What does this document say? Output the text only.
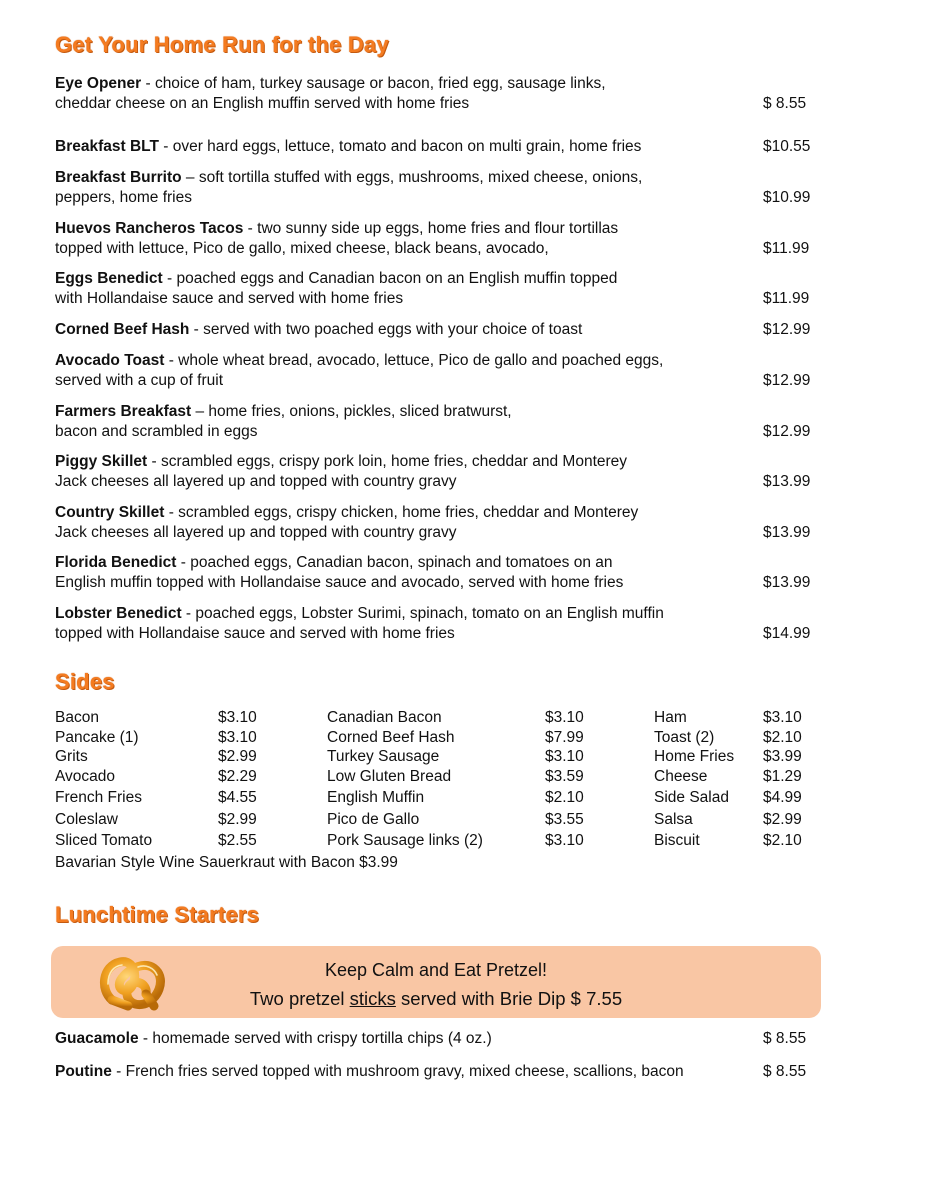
Get Your Home Run for the Day
Eye Opener - choice of ham, turkey sausage or bacon, fried egg, sausage links,
cheddar cheese on an English muffin served with home fries	$ 8.55
Breakfast BLT - over hard eggs, lettuce, tomato and bacon on multi grain, home fries	$10.55
Breakfast Burrito – soft tortilla stuffed with eggs, mushrooms, mixed cheese, onions,
peppers, home fries	$10.99
Huevos Rancheros Tacos - two sunny side up eggs, home fries and flour tortillas
topped with lettuce, Pico de gallo, mixed cheese, black beans, avocado,	$11.99
Eggs Benedict - poached eggs and Canadian bacon on an English muffin topped
with Hollandaise sauce and served with home fries	$11.99
Corned Beef Hash - served with two poached eggs with your choice of toast	$12.99
Avocado Toast - whole wheat bread, avocado, lettuce, Pico de gallo and poached eggs,
served with a cup of fruit	$12.99
Farmers Breakfast – home fries, onions, pickles, sliced bratwurst,
bacon and scrambled in eggs	$12.99
Piggy Skillet - scrambled eggs, crispy pork loin, home fries, cheddar and Monterey
Jack cheeses all layered up and topped with country gravy	$13.99
Country Skillet - scrambled eggs, crispy chicken, home fries, cheddar and Monterey
Jack cheeses all layered up and topped with country gravy	$13.99
Florida Benedict - poached eggs, Canadian bacon, spinach and tomatoes on an
English muffin topped with Hollandaise sauce and avocado, served with home fries	$13.99
Lobster Benedict - poached eggs, Lobster Surimi, spinach, tomato on an English muffin
topped with Hollandaise sauce and served with home fries	$14.99
Sides
Bacon	$3.10	Canadian Bacon	$3.10	Ham	$3.10
Pancake (1)	$3.10	Corned Beef Hash	$7.99	Toast (2)	$2.10
Grits	$2.99	Turkey Sausage	$3.10	Home Fries $3.99
Avocado	$2.29	Low Gluten Bread	$3.59	Cheese	$1.29
French Fries	$4.55	English Muffin	$2.10	Side Salad $4.99
Coleslaw	$2.99	Pico de Gallo	$3.55	Salsa	$2.99
Sliced Tomato	$2.55	Pork Sausage links (2)	$3.10	Biscuit	$2.10
Bavarian Style Wine Sauerkraut with Bacon $3.99
Lunchtime Starters
Keep Calm and Eat Pretzel!
Two pretzel sticks served with Brie Dip $ 7.55
Guacamole - homemade served with crispy tortilla chips (4 oz.)	$ 8.55
Poutine - French fries served topped with mushroom gravy, mixed cheese, scallions, bacon	$ 8.55
